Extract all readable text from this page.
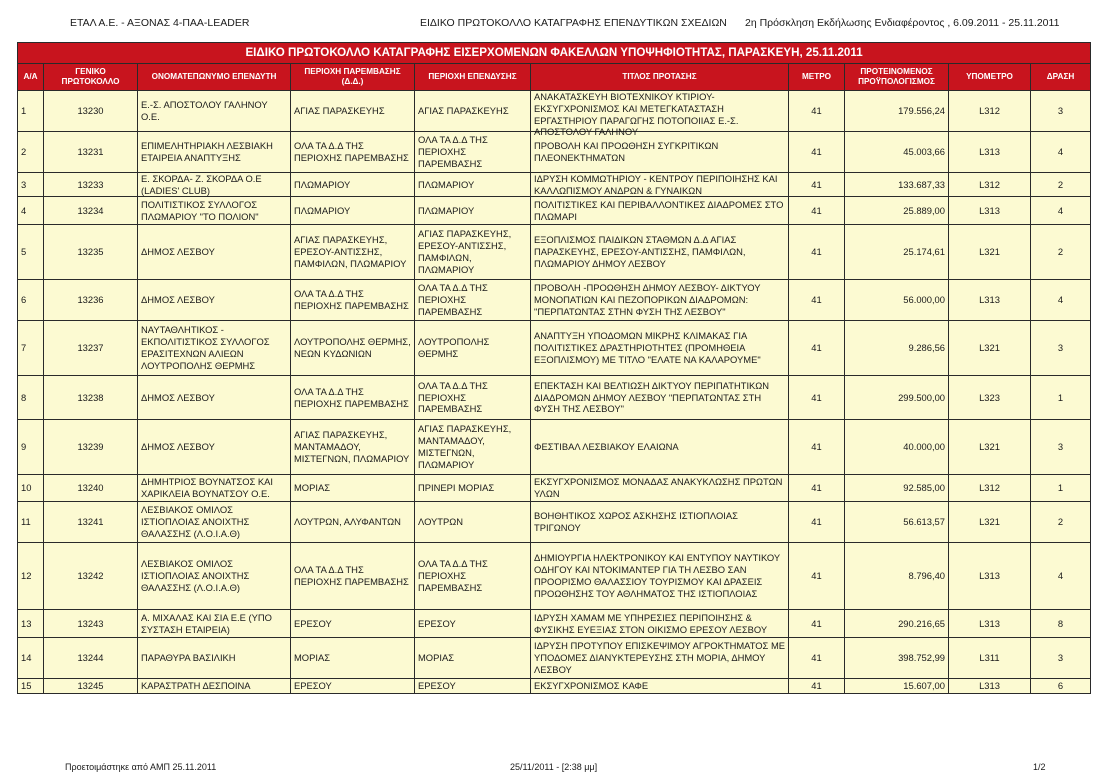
ΕΤΑΛ Α.Ε. - ΑΞΟΝΑΣ 4-ΠΑΑ-LEADER	ΕΙΔΙΚΟ ΠΡΩΤΟΚΟΛΛΟ ΚΑΤΑΓΡΑΦΗΣ ΕΠΕΝΔΥΤΙΚΩΝ ΣΧΕΔΙΩΝ 2η Πρόσκληση Εκδήλωσης Ενδιαφέροντος , 6.09.2011 - 25.11.2011
ΕΙΔΙΚΟ ΠΡΩΤΟΚΟΛΛΟ ΚΑΤΑΓΡΑΦΗΣ ΕΙΣΕΡΧΟΜΕΝΩΝ ΦΑΚΕΛΛΩΝ ΥΠΟΨΗΦΙΟΤΗΤΑΣ, ΠΑΡΑΣΚΕΥΗ, 25.11.2011									
Α/Α	ΓΕΝΙΚΟ ΠΡΩΤΟΚΟΛΛΟ	ΟΝΟΜΑΤΕΠΩΝΥΜΟ ΕΠΕΝΔΥΤΗ	ΠΕΡΙΟΧΗ ΠΑΡΕΜΒΑΣΗΣ (Δ.Δ.)	ΠΕΡΙΟΧΗ ΕΠΕΝΔΥΣΗΣ	ΤΙΤΛΟΣ ΠΡΟΤΑΣΗΣ	ΜΕΤΡΟ	ΠΡΟΤΕΙΝΟΜΕΝΟΣ ΠΡΟΫΠΟΛΟΓΙΣΜΟΣ	ΥΠΟΜΕΤΡΟ	ΔΡΑΣΗ

1	13230	Ε.-Σ. ΑΠΟΣΤΟΛΟΥ ΓΑΛΗΝΟΥ Ο.Ε.	ΑΓΙΑΣ ΠΑΡΑΣΚΕΥΗΣ	ΑΓΙΑΣ ΠΑΡΑΣΚΕΥΗΣ	ΑΝΑΚΑΤΑΣΚΕΥΗ ΒΙΟΤΕΧΝΙΚΟΥ ΚΤΙΡΙΟΥ-ΕΚΣΥΓΧΡΟΝΙΣΜΟΣ ΚΑΙ ΜΕΤΕΓΚΑΤΑΣΤΑΣΗ ΕΡΓΑΣΤΗΡΙΟΥ ΠΑΡΑΓΩΓΗΣ ΠΟΤΟΠΟΙΙΑΣ Ε.-Σ. ΑΠΟΣΤΟΛΟΥ ΓΑΛΗΝΟΥ	41	179.556,24	L312	3

2	13231	ΕΠΙΜΕΛΗΤΗΡΙΑΚΗ ΛΕΣΒΙΑΚΗ ΕΤΑΙΡΕΙΑ ΑΝΑΠΤΥΞΗΣ	ΟΛΑ ΤΑ Δ.Δ ΤΗΣ ΠΕΡΙΟΧΗΣ ΠΑΡΕΜΒΑΣΗΣ	ΟΛΑ ΤΑ Δ.Δ ΤΗΣ ΠΕΡΙΟΧΗΣ ΠΑΡΕΜΒΑΣΗΣ	ΠΡΟΒΟΛΗ ΚΑΙ ΠΡΟΩΘΗΣΗ ΣΥΓΚΡΙΤΙΚΩΝ ΠΛΕΟΝΕΚΤΗΜΑΤΩΝ	41	45.003,66	L313	4

3	13233	Ε. ΣΚΟΡΔΑ- Ζ. ΣΚΟΡΔΑ Ο.Ε (LADIES' CLUB)	ΠΛΩΜΑΡΙΟΥ	ΠΛΩΜΑΡΙΟΥ	ΙΔΡΥΣΗ ΚΟΜΜΩΤΗΡΙΟΥ - ΚΕΝΤΡΟΥ ΠΕΡΙΠΟΙΗΣΗΣ ΚΑΙ ΚΑΛΛΩΠΙΣΜΟΥ ΑΝΔΡΩΝ & ΓΥΝΑΙΚΩΝ	41	133.687,33	L312	2

4	13234	ΠΟΛΙΤΙΣΤΙΚΟΣ ΣΥΛΛΟΓΟΣ ΠΛΩΜΑΡΙΟΥ "ΤΟ ΠΟΛΙΟΝ"	ΠΛΩΜΑΡΙΟΥ	ΠΛΩΜΑΡΙΟΥ	ΠΟΛΙΤΙΣΤΙΚΕΣ ΚΑΙ ΠΕΡΙΒΑΛΛΟΝΤΙΚΕΣ ΔΙΑΔΡΟΜΕΣ ΣΤΟ ΠΛΩΜΑΡΙ	41	25.889,00	L313	4

5	13235	ΔΗΜΟΣ ΛΕΣΒΟΥ	ΑΓΙΑΣ ΠΑΡΑΣΚΕΥΗΣ, ΕΡΕΣΟΥ-ΑΝΤΙΣΣΗΣ, ΠΑΜΦΙΛΩΝ, ΠΛΩΜΑΡΙΟΥ	ΑΓΙΑΣ ΠΑΡΑΣΚΕΥΗΣ, ΕΡΕΣΟΥ-ΑΝΤΙΣΣΗΣ, ΠΑΜΦΙΛΩΝ, ΠΛΩΜΑΡΙΟΥ	ΕΞΟΠΛΙΣΜΟΣ ΠΑΙΔΙΚΩΝ ΣΤΑΘΜΩΝ Δ.Δ ΑΓΙΑΣ ΠΑΡΑΣΚΕΥΗΣ, ΕΡΕΣΟΥ-ΑΝΤΙΣΣΗΣ, ΠΑΜΦΙΛΩΝ, ΠΛΩΜΑΡΙΟΥ ΔΗΜΟΥ ΛΕΣΒΟΥ	41	25.174,61	L321	2

6	13236	ΔΗΜΟΣ ΛΕΣΒΟΥ	ΟΛΑ ΤΑ Δ.Δ ΤΗΣ ΠΕΡΙΟΧΗΣ ΠΑΡΕΜΒΑΣΗΣ	ΟΛΑ ΤΑ Δ.Δ ΤΗΣ ΠΕΡΙΟΧΗΣ ΠΑΡΕΜΒΑΣΗΣ	ΠΡΟΒΟΛΗ -ΠΡΟΩΘΗΣΗ ΔΗΜΟΥ ΛΕΣΒΟΥ- ΔΙΚΤΥΟΥ ΜΟΝΟΠΑΤΙΩΝ ΚΑΙ ΠΕΖΟΠΟΡΙΚΩΝ ΔΙΑΔΡΟΜΩΝ: "ΠΕΡΠΑΤΩΝΤΑΣ ΣΤΗΝ ΦΥΣΗ ΤΗΣ ΛΕΣΒΟΥ"	41	56.000,00	L313	4

7	13237	ΝΑΥΤΑΘΛΗΤΙΚΟΣ - ΕΚΠΟΛΙΤΙΣΤΙΚΟΣ ΣΥΛΛΟΓΟΣ ΕΡΑΣΙΤΕΧΝΩΝ ΑΛΙΕΩΝ ΛΟΥΤΡΟΠΟΛΗΣ ΘΕΡΜΗΣ	ΛΟΥΤΡΟΠΟΛΗΣ ΘΕΡΜΗΣ, ΝΕΩΝ ΚΥΔΩΝΙΩΝ	ΛΟΥΤΡΟΠΟΛΗΣ ΘΕΡΜΗΣ	ΑΝΑΠΤΥΞΗ ΥΠΟΔΟΜΩΝ ΜΙΚΡΗΣ ΚΛΙΜΑΚΑΣ ΓΙΑ ΠΟΛΙΤΙΣΤΙΚΕΣ ΔΡΑΣΤΗΡΙΟΤΗΤΕΣ (ΠΡΟΜΗΘΕΙΑ ΕΞΟΠΛΙΣΜΟΥ) ΜΕ ΤΙΤΛΟ "ΕΛΑΤΕ ΝΑ ΚΑΛΑΡΟΥΜΕ"	41	9.286,56	L321	3

8	13238	ΔΗΜΟΣ ΛΕΣΒΟΥ	ΟΛΑ ΤΑ Δ.Δ ΤΗΣ ΠΕΡΙΟΧΗΣ ΠΑΡΕΜΒΑΣΗΣ	ΟΛΑ ΤΑ Δ.Δ ΤΗΣ ΠΕΡΙΟΧΗΣ ΠΑΡΕΜΒΑΣΗΣ	ΕΠΕΚΤΑΣΗ ΚΑΙ ΒΕΛΤΙΩΣΗ ΔΙΚΤΥΟΥ ΠΕΡΙΠΑΤΗΤΙΚΩΝ ΔΙΑΔΡΟΜΩΝ ΔΗΜΟΥ ΛΕΣΒΟΥ "ΠΕΡΠΑΤΩΝΤΑΣ ΣΤΗ ΦΥΣΗ ΤΗΣ ΛΕΣΒΟΥ"	41	299.500,00	L323	1

9	13239	ΔΗΜΟΣ ΛΕΣΒΟΥ	ΑΓΙΑΣ ΠΑΡΑΣΚΕΥΗΣ, ΜΑΝΤΑΜΑΔΟΥ, ΜΙΣΤΕΓΝΩΝ, ΠΛΩΜΑΡΙΟΥ	ΑΓΙΑΣ ΠΑΡΑΣΚΕΥΗΣ, ΜΑΝΤΑΜΑΔΟΥ, ΜΙΣΤΕΓΝΩΝ, ΠΛΩΜΑΡΙΟΥ	ΦΕΣΤΙΒΑΛ ΛΕΣΒΙΑΚΟΥ ΕΛΑΙΩΝΑ	41	40.000,00	L321	3

10	13240	ΔΗΜΗΤΡΙΟΣ ΒΟΥΝΑΤΣΟΣ ΚΑΙ ΧΑΡΙΚΛΕΙΑ ΒΟΥΝΑΤΣΟΥ Ο.Ε.	ΜΟΡΙΑΣ	ΠΡΙΝΕΡΙ ΜΟΡΙΑΣ	ΕΚΣΥΓΧΡΟΝΙΣΜΟΣ ΜΟΝΑΔΑΣ ΑΝΑΚΥΚΛΩΣΗΣ ΠΡΩΤΩΝ ΥΛΩΝ	41	92.585,00	L312	1

11	13241	ΛΕΣΒΙΑΚΟΣ ΟΜΙΛΟΣ ΙΣΤΙΟΠΛΟΙΑΣ ΑΝΟΙΧΤΗΣ ΘΑΛΑΣΣΗΣ (Λ.Ο.Ι.Α.Θ)	ΛΟΥΤΡΩΝ, ΑΛΥΦΑΝΤΩΝ	ΛΟΥΤΡΩΝ	ΒΟΗΘΗΤΙΚΟΣ ΧΩΡΟΣ ΑΣΚΗΣΗΣ ΙΣΤΙΟΠΛΟΙΑΣ ΤΡΙΓΩΝΟΥ	41	56.613,57	L321	2

12	13242	ΛΕΣΒΙΑΚΟΣ ΟΜΙΛΟΣ ΙΣΤΙΟΠΛΟΙΑΣ ΑΝΟΙΧΤΗΣ ΘΑΛΑΣΣΗΣ (Λ.Ο.Ι.Α.Θ)	ΟΛΑ ΤΑ Δ.Δ ΤΗΣ ΠΕΡΙΟΧΗΣ ΠΑΡΕΜΒΑΣΗΣ	ΟΛΑ ΤΑ Δ.Δ ΤΗΣ ΠΕΡΙΟΧΗΣ ΠΑΡΕΜΒΑΣΗΣ	ΔΗΜΙΟΥΡΓΙΑ ΗΛΕΚΤΡΟΝΙΚΟΥ ΚΑΙ ΕΝΤΥΠΟΥ ΝΑΥΤΙΚΟΥ ΟΔΗΓΟΥ ΚΑΙ ΝΤΟΚΙΜΑΝΤΕΡ ΓΙΑ ΤΗ ΛΕΣΒΟ ΣΑΝ ΠΡΟΟΡΙΣΜΟ ΘΑΛΑΣΣΙΟΥ ΤΟΥΡΙΣΜΟΥ ΚΑΙ ΔΡΑΣΕΙΣ ΠΡΟΩΘΗΣΗΣ ΤΟΥ ΑΘΛΗΜΑΤΟΣ ΤΗΣ ΙΣΤΙΟΠΛΟΙΑΣ	41	8.796,40	L313	4

13	13243	Α. ΜΙΧΑΛΑΣ ΚΑΙ ΣΙΑ Ε.Ε (ΥΠΟ ΣΥΣΤΑΣΗ ΕΤΑΙΡΕΙΑ)	ΕΡΕΣΟΥ	ΕΡΕΣΟΥ	ΙΔΡΥΣΗ ΧΑΜΑΜ ΜΕ ΥΠΗΡΕΣΙΕΣ ΠΕΡΙΠΟΙΗΣΗΣ & ΦΥΣΙΚΗΣ ΕΥΕΞΙΑΣ ΣΤΟΝ ΟΙΚΙΣΜΟ ΕΡΕΣΟΥ ΛΕΣΒΟΥ	41	290.216,65	L313	8

14	13244	ΠΑΡΑΘΥΡΑ ΒΑΣΙΛΙΚΗ	ΜΟΡΙΑΣ	ΜΟΡΙΑΣ	ΙΔΡΥΣΗ ΠΡΟΤΥΠΟΥ ΕΠΙΣΚΕΨΙΜΟΥ ΑΓΡΟΚΤΗΜΑΤΟΣ ΜΕ ΥΠΟΔΟΜΕΣ ΔΙΑΝΥΚΤΕΡΕΥΣΗΣ ΣΤΗ ΜΟΡΙΑ, ΔΗΜΟΥ ΛΕΣΒΟΥ	41	398.752,99	L311	3

15	13245	ΚΑΡΑΣΤΡΑΤΗ ΔΕΣΠΟΙΝΑ	ΕΡΕΣΟΥ	ΕΡΕΣΟΥ	ΕΚΣΥΓΧΡΟΝΙΣΜΟΣ ΚΑΦΕ	41	15.607,00	L313	6
Προετοιμάστηκε από ΑΜΠ 25.11.2011	25/11/2011 - [2:38 μμ]	1/2
